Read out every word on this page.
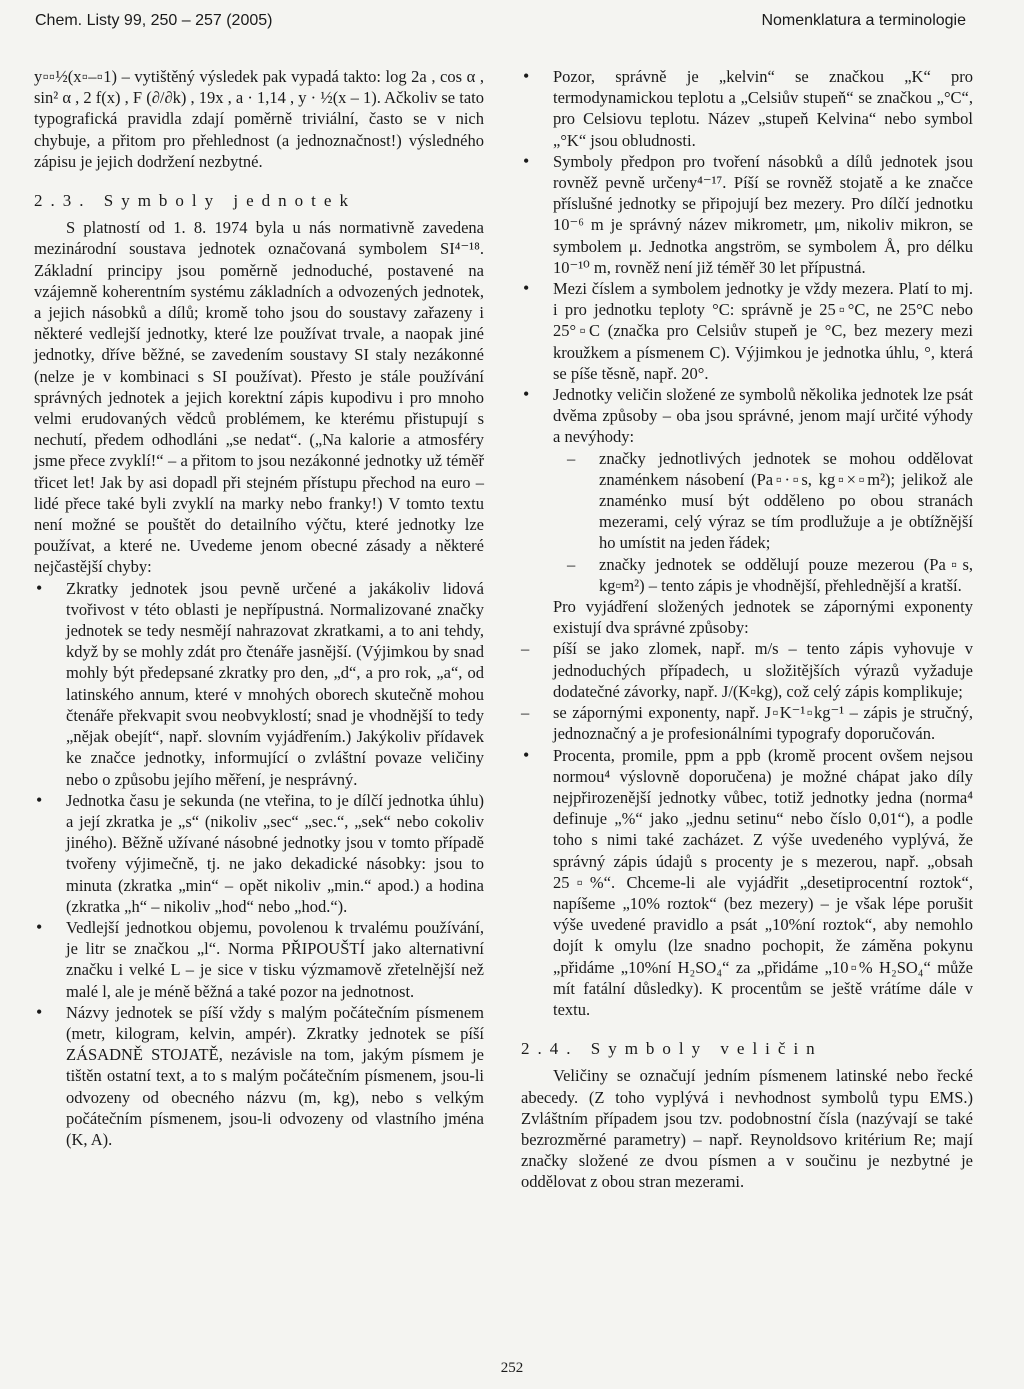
Chem. Listy 99, 250 – 257 (2005)	Nomenklatura a terminologie

y▫▫½(x▫–▫1) – vytištěný výsledek pak vypadá takto: log 2a , cos α , sin² α , 2 f(x) , F (∂/∂k) , 19x , a · 1,14 , y · ½(x – 1). Ačkoliv se tato typografická pravidla zdají poměrně triviální, často se v nich chybuje, a přitom pro přehlednost (a jednoznačnost!) výsledného zápisu je jejich dodržení nezbytné.

2.3. Symboly jednotek

S platností od 1. 8. 1974 byla u nás normativně zavedena mezinárodní soustava jednotek označovaná symbolem SI⁴⁻¹⁸. Základní principy jsou poměrně jednoduché, postavené na vzájemně koherentním systému základních a odvozených jednotek, a jejich násobků a dílů; kromě toho jsou do soustavy zařazeny i některé vedlejší jednotky, které lze používat trvale, a naopak jiné jednotky, dříve běžné, se zavedením soustavy SI staly nezákonné (nelze je v kombinaci s SI používat). Přesto je stále používání správných jednotek a jejich korektní zápis kupodivu i pro mnoho velmi erudovaných vědců problémem, ke kterému přistupují s nechutí, předem odhodláni „se nedat“. („Na kalorie a atmosféry jsme přece zvyklí!“ – a přitom to jsou nezákonné jednotky už téměř třicet let! Jak by asi dopadl při stejném přístupu přechod na euro – lidé přece také byli zvyklí na marky nebo franky!) V tomto textu není možné se pouštět do detailního výčtu, které jednotky lze používat, a které ne. Uvedeme jenom obecné zásady a některé nejčastější chyby:

• Zkratky jednotek jsou pevně určené a jakákoliv lidová tvořivost v této oblasti je nepřípustná. Normalizované značky jednotek se tedy nesmějí nahrazovat zkratkami, a to ani tehdy, když by se mohly zdát pro čtenáře jasnější. (Výjimkou by snad mohly být předepsané zkratky pro den, „d“, a pro rok, „a“, od latinského annum, které v mnohých oborech skutečně mohou čtenáře překvapit svou neobvyklostí; snad je vhodnější to tedy „nějak obejít“, např. slovním vyjádřením.) Jakýkoliv přídavek ke značce jednotky, informující o zvláštní povaze veličiny nebo o způsobu jejího měření, je nesprávný.
• Jednotka času je sekunda (ne vteřina, to je dílčí jednotka úhlu) a její zkratka je „s“ (nikoliv „sec“ „sec.“, „sek“ nebo cokoliv jiného). Běžně užívané násobné jednotky jsou v tomto případě tvořeny výjimečně, tj. ne jako dekadické násobky: jsou to minuta (zkratka „min“ – opět nikoliv „min.“ apod.) a hodina (zkratka „h“ – nikoliv „hod“ nebo „hod.“).
• Vedlejší jednotkou objemu, povolenou k trvalému používání, je litr se značkou „l“. Norma PŘIPOUŠTÍ jako alternativní značku i velké L – je sice v tisku výzmamově zřetelnější než malé l, ale je méně běžná a také pozor na jednotnost.
• Názvy jednotek se píší vždy s malým počátečním písmenem (metr, kilogram, kelvin, ampér). Zkratky jednotek se píší ZÁSADNĚ STOJATĚ, nezávisle na tom, jakým písmem je tištěn ostatní text, a to s malým počátečním písmenem, jsou-li odvozeny od obecného názvu (m, kg), nebo s velkým počátečním písmenem, jsou-li odvozeny od vlastního jména (K, A).
• Pozor, správně je „kelvin“ se značkou „K“ pro termodynamickou teplotu a „Celsiův stupeň“ se značkou „°C“, pro Celsiovu teplotu. Název „stupeň Kelvina“ nebo symbol „°K“ jsou obludnosti.
• Symboly předpon pro tvoření násobků a dílů jednotek jsou rovněž pevně určeny⁴⁻¹⁷. Píší se rovněž stojatě a ke značce příslušné jednotky se připojují bez mezery. Pro dílčí jednotku 10⁻⁶ m je správný název mikrometr, μm, nikoliv mikron, se symbolem μ. Jednotka angström, se symbolem Å, pro délku 10⁻¹⁰ m, rovněž není již téměř 30 let přípustná.
• Mezi číslem a symbolem jednotky je vždy mezera. Platí to mj. i pro jednotku teploty °C: správně je 25▫°C, ne 25°C nebo 25°▫C (značka pro Celsiův stupeň je °C, bez mezery mezi kroužkem a písmenem C). Výjimkou je jednotka úhlu, °, která se píše těsně, např. 20°.
• Jednotky veličin složené ze symbolů několika jednotek lze psát dvěma způsoby – oba jsou správné, jenom mají určité výhody a nevýhody:
– značky jednotlivých jednotek se mohou oddělovat znaménkem násobení (Pa▫·▫s, kg▫×▫m²); jelikož ale znaménko musí být odděleno po obou stranách mezerami, celý výraz se tím prodlužuje a je obtížnější ho umístit na jeden řádek;
– značky jednotek se oddělují pouze mezerou (Pa▫s, kg▫m²) – tento zápis je vhodnější, přehlednější a kratší.

Pro vyjádření složených jednotek se zápornými exponenty existují dva správné způsoby:

– píší se jako zlomek, např. m/s – tento zápis vyhovuje v jednoduchých případech, u složitějších výrazů vyžaduje dodatečné závorky, např. J/(K▫kg), což celý zápis komplikuje;
– se zápornými exponenty, např. J▫K⁻¹▫kg⁻¹ – zápis je stručný, jednoznačný a je profesionálními typografy doporučován.
• Procenta, promile, ppm a ppb (kromě procent ovšem nejsou normou⁴ výslovně doporučena) je možné chápat jako díly nejpřirozenější jednotky vůbec, totiž jednotky jedna (norma⁴ definuje „%“ jako „jednu setinu“ nebo číslo 0,01“), a podle toho s nimi také zacházet. Z výše uvedeného vyplývá, že správný zápis údajů s procenty je s mezerou, např. „obsah 25▫%“. Chceme-li ale vyjádřit „desetiprocentní roztok“, napíšeme „10% roztok“ (bez mezery) – je však lépe porušit výše uvedené pravidlo a psát „10%ní roztok“, aby nemohlo dojít k omylu (lze snadno pochopit, že záměna pokynu „přidáme „10%ní H₂SO₄“ za „přidáme „10▫% H₂SO₄“ může mít fatální důsledky). K procentům se ještě vrátíme dále v textu.
2.4. Symboly veličin

Veličiny se označují jedním písmenem latinské nebo řecké abecedy. (Z toho vyplývá i nevhodnost symbolů typu EMS.) Zvláštním případem jsou tzv. podobnostní čísla (nazývají se také bezrozměrné parametry) – např. Reynoldsovo kritérium Re; mají značky složené ze dvou písmen a v součinu je nezbytné je oddělovat z obou stran mezerami.

252
